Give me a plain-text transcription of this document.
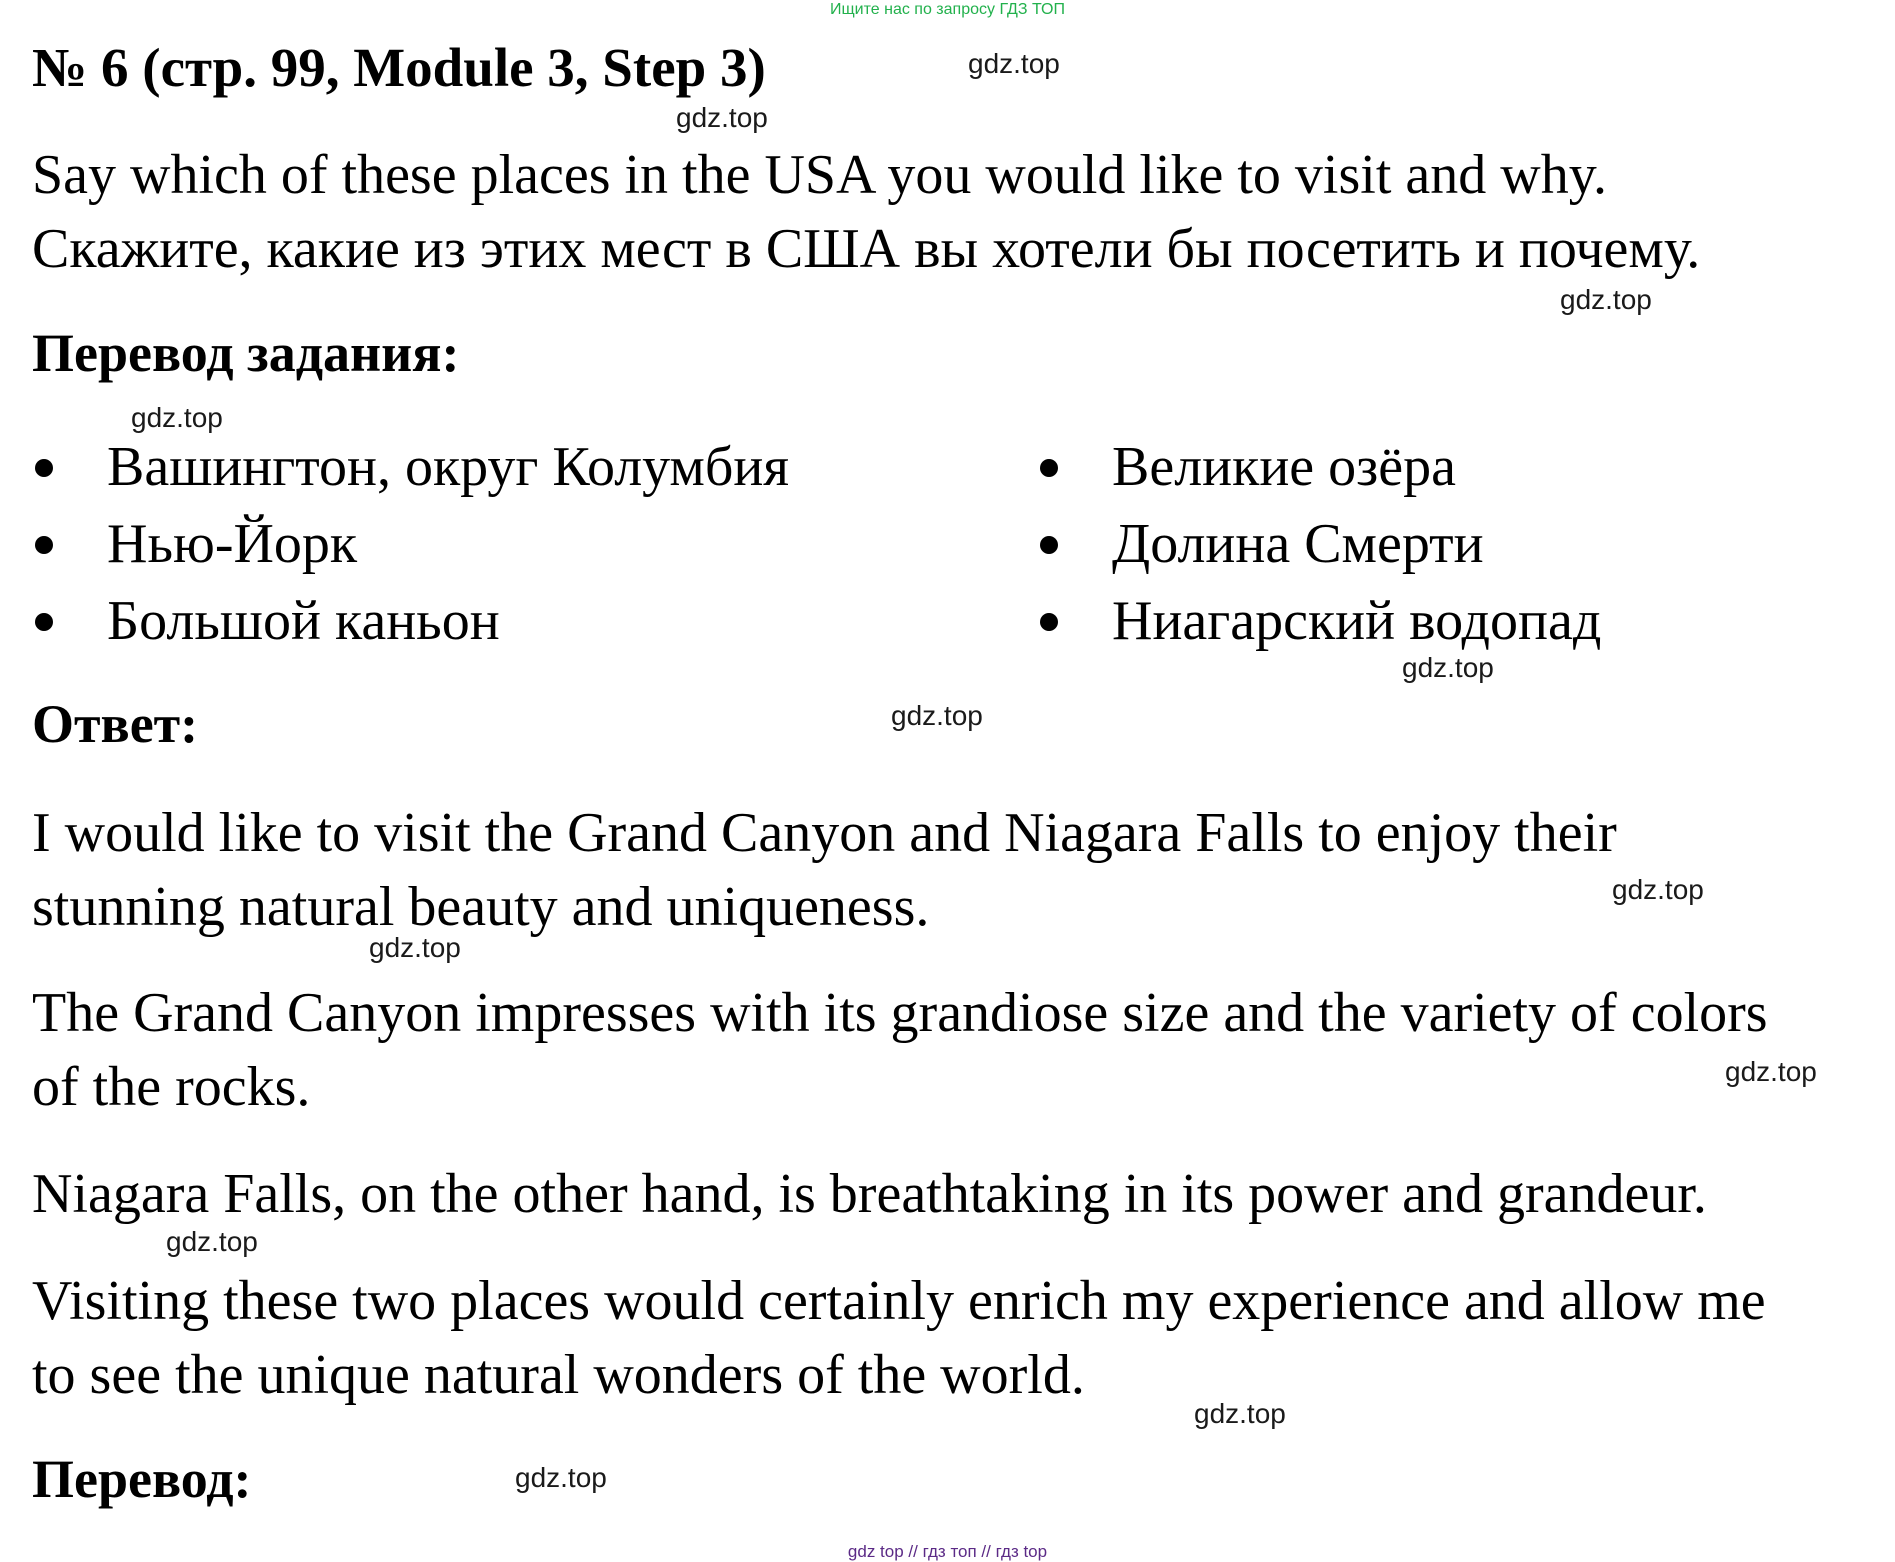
Ищите нас по запросу ГДЗ ТОП
№ 6 (стр. 99, Module 3, Step 3)	gdz.top
gdz.top
gdz.top
gdz.top
gdz.top
gdz.top
gdz.top
gdz.top
gdz.top
gdz.top
gdz.top
gdz.top
Say which of these places in the USA you would like to visit and why.
Скажите, какие из этих мест в США вы хотели бы посетить и почему.
Перевод задания:
Вашингтон, округ Колумбия
Нью-Йорк
Большой каньон
Великие озёра
Долина Смерти
Ниагарский водопад
Ответ:
I would like to visit the Grand Canyon and Niagara Falls to enjoy their
stunning natural beauty and uniqueness.
The Grand Canyon impresses with its grandiose size and the variety of colors
of the rocks.
Niagara Falls, on the other hand, is breathtaking in its power and grandeur.
Visiting these two places would certainly enrich my experience and allow me
to see the unique natural wonders of the world.
Перевод:
gdz top // гдз топ // гдз top
